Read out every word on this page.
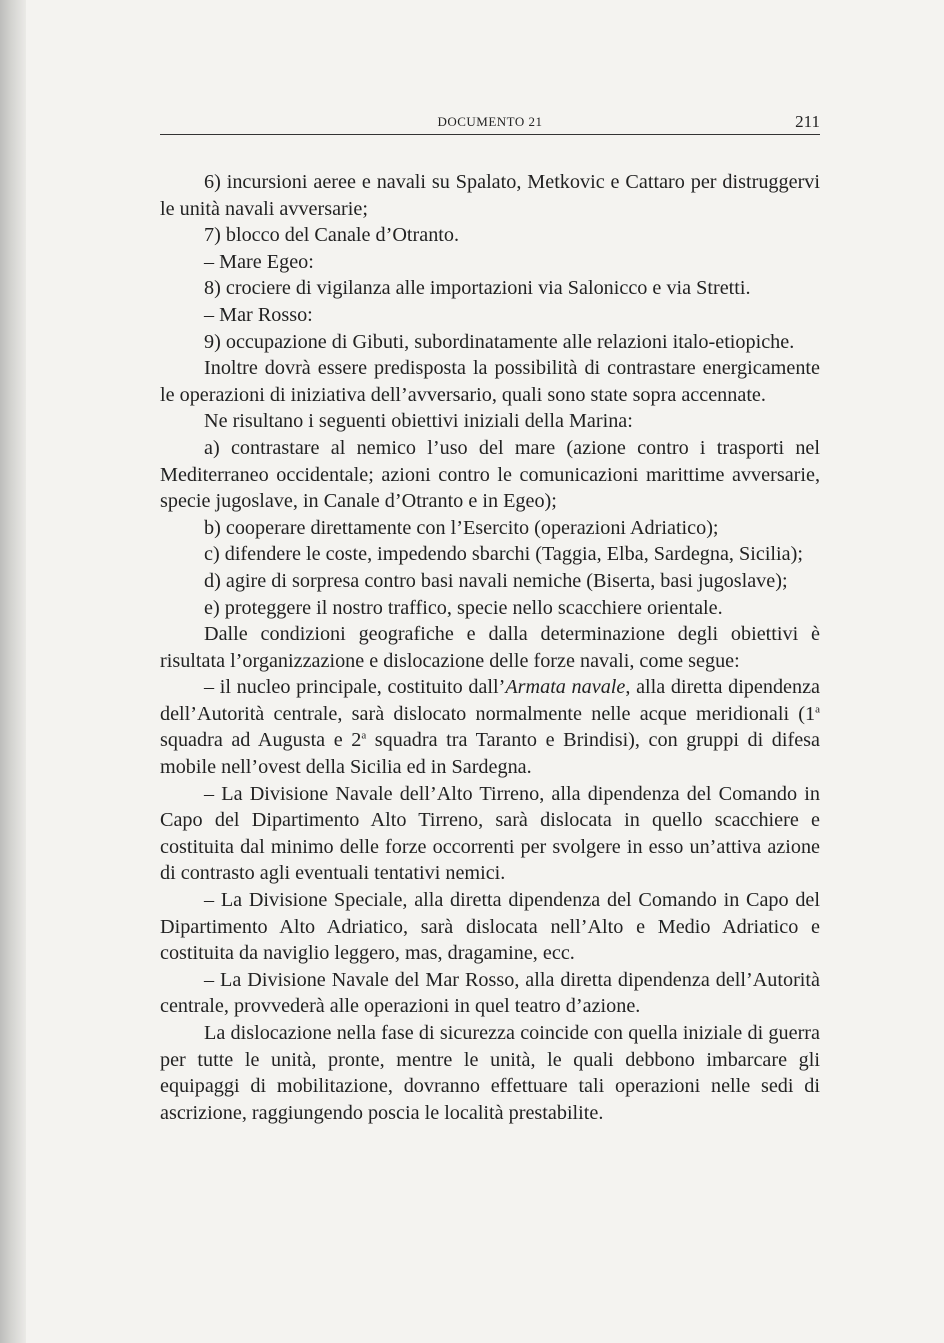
DOCUMENTO 21	211

6) incursioni aeree e navali su Spalato, Metkovic e Cattaro per distruggervi le unità navali avversarie;

7) blocco del Canale d’Otranto.

– Mare Egeo:

8) crociere di vigilanza alle importazioni via Salonicco e via Stretti.

– Mar Rosso:

9) occupazione di Gibuti, subordinatamente alle relazioni italo-etiopiche.

Inoltre dovrà essere predisposta la possibilità di contrastare energicamente le operazioni di iniziativa dell’avversario, quali sono state sopra accennate.

Ne risultano i seguenti obiettivi iniziali della Marina:

a) contrastare al nemico l’uso del mare (azione contro i trasporti nel Mediterraneo occidentale; azioni contro le comunicazioni marittime avversarie, specie jugoslave, in Canale d’Otranto e in Egeo);

b) cooperare direttamente con l’Esercito (operazioni Adriatico);

c) difendere le coste, impedendo sbarchi (Taggia, Elba, Sardegna, Sicilia);

d) agire di sorpresa contro basi navali nemiche (Biserta, basi jugoslave);

e) proteggere il nostro traffico, specie nello scacchiere orientale.

Dalle condizioni geografiche e dalla determinazione degli obiettivi è risultata l’organizzazione e dislocazione delle forze navali, come segue:

– il nucleo principale, costituito dall’Armata navale, alla diretta dipendenza dell’Autorità centrale, sarà dislocato normalmente nelle acque meridionali (1$^a$ squadra ad Augusta e 2$^a$ squadra tra Taranto e Brindisi), con gruppi di difesa mobile nell’ovest della Sicilia ed in Sardegna.

– La Divisione Navale dell’Alto Tirreno, alla dipendenza del Comando in Capo del Dipartimento Alto Tirreno, sarà dislocata in quello scacchiere e costituita dal minimo delle forze occorrenti per svolgere in esso un’attiva azione di contrasto agli eventuali tentativi nemici.

– La Divisione Speciale, alla diretta dipendenza del Comando in Capo del Dipartimento Alto Adriatico, sarà dislocata nell’Alto e Medio Adriatico e costituita da naviglio leggero, mas, dragamine, ecc.

– La Divisione Navale del Mar Rosso, alla diretta dipendenza dell’Autorità centrale, provvederà alle operazioni in quel teatro d’azione.

La dislocazione nella fase di sicurezza coincide con quella iniziale di guerra per tutte le unità, pronte, mentre le unità, le quali debbono imbarcare gli equipaggi di mobilitazione, dovranno effettuare tali operazioni nelle sedi di ascrizione, raggiungendo poscia le località prestabilite.
